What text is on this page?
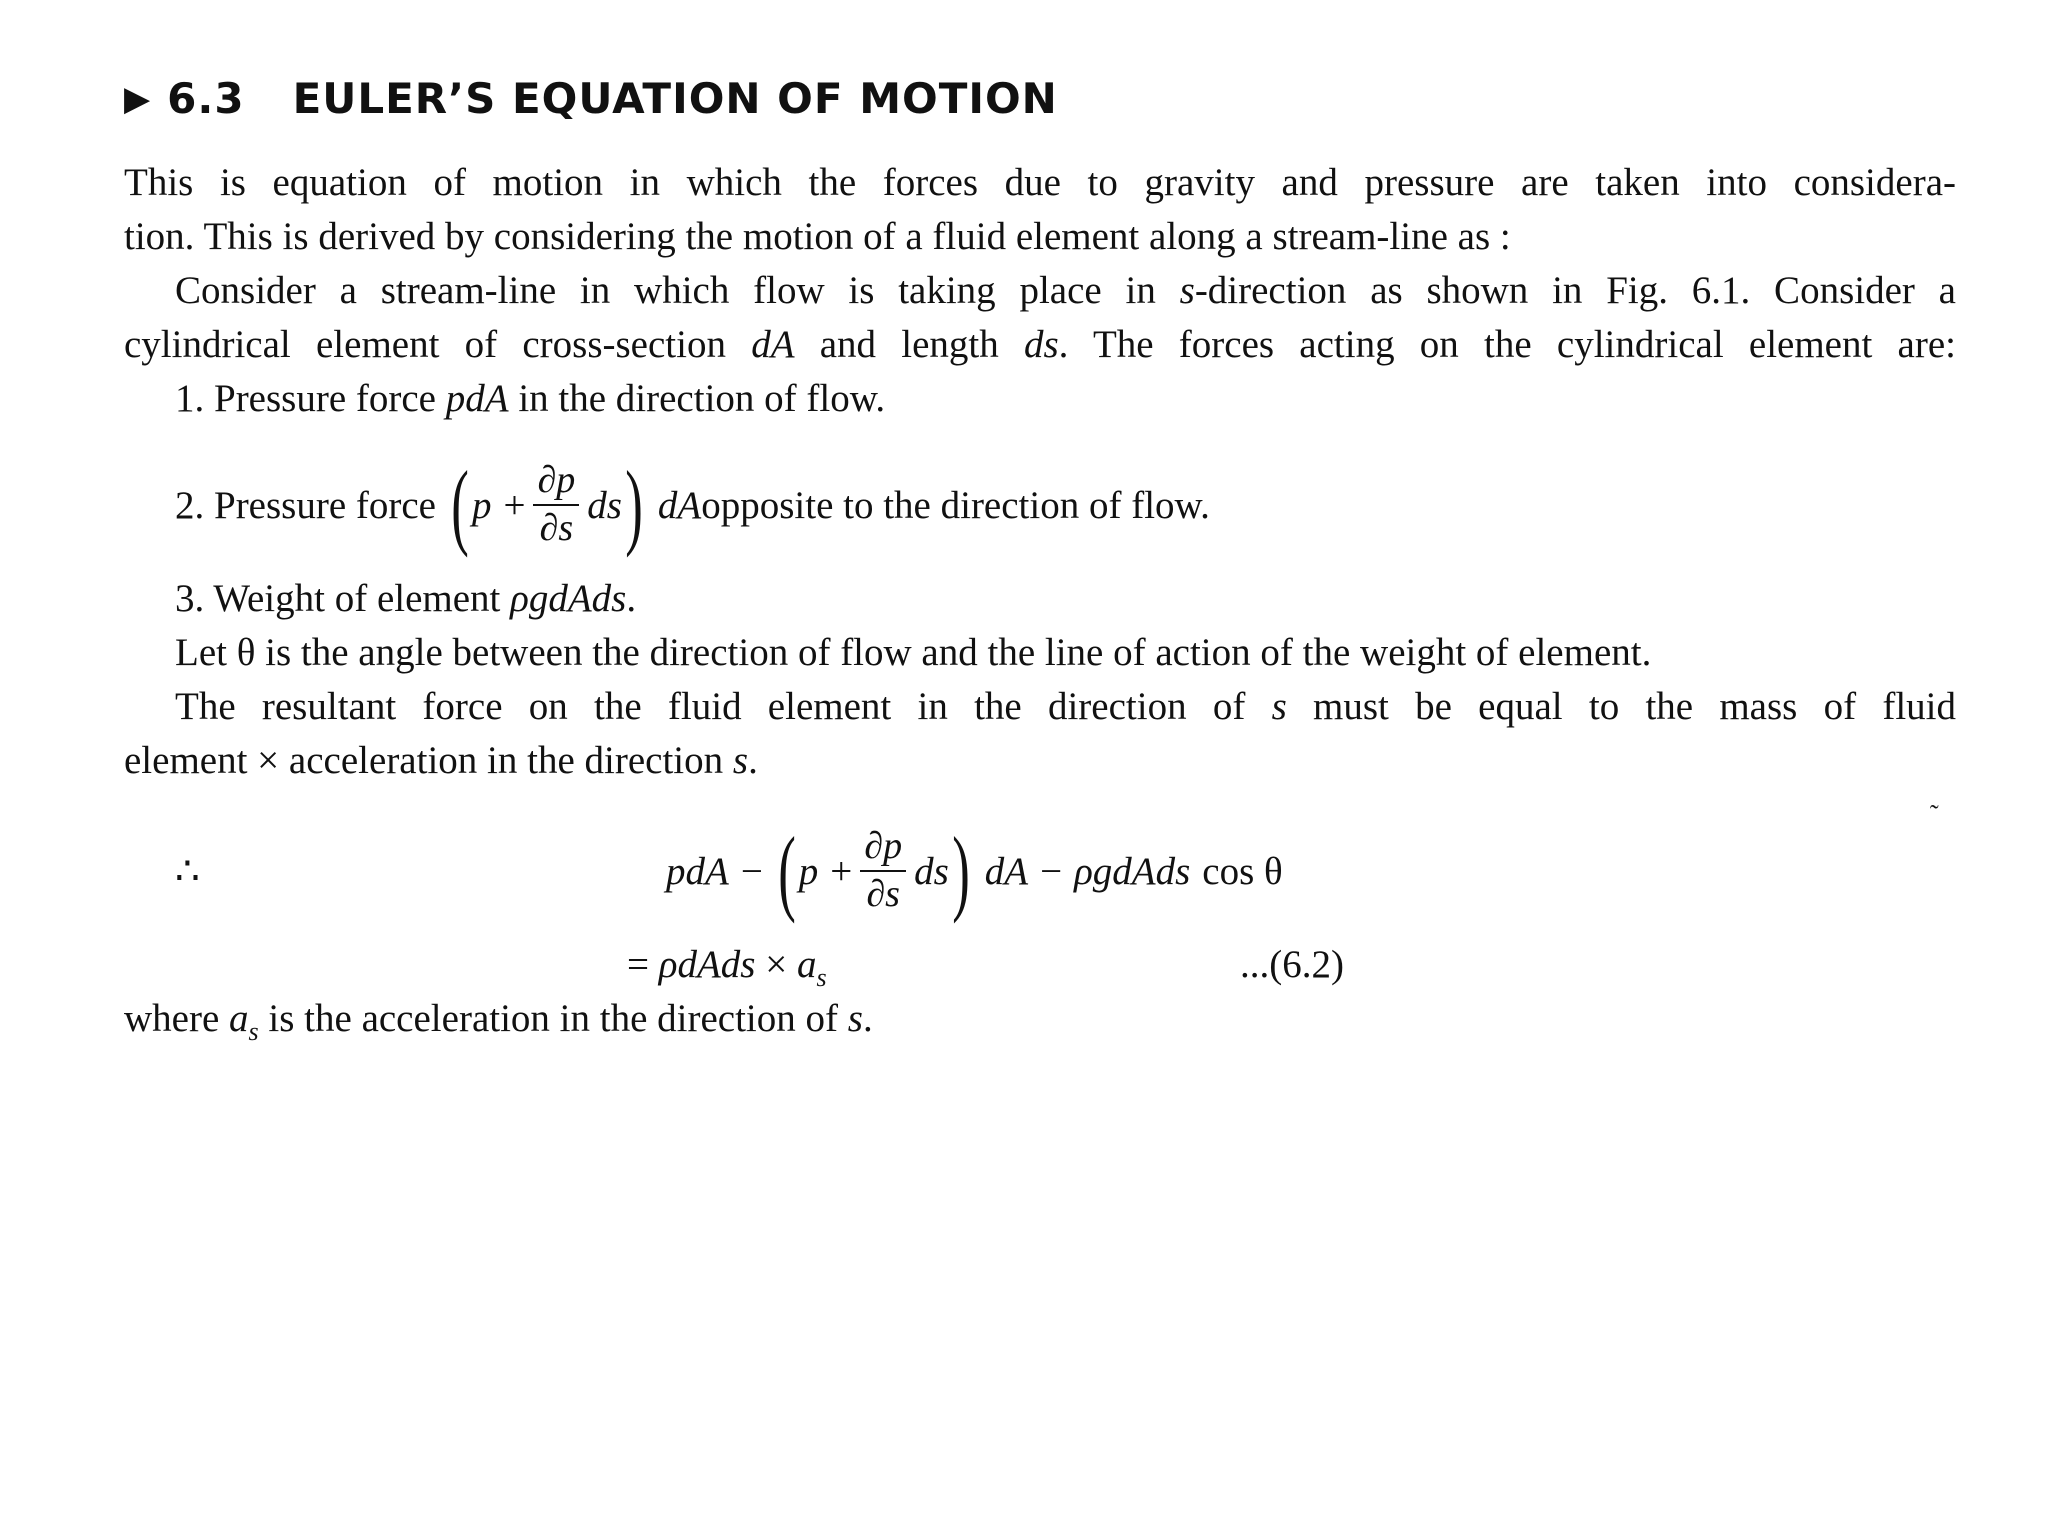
▶ 6.3 EULER’S EQUATION OF MOTION
This is equation of motion in which the forces due to gravity and pressure are taken into considera-
tion. This is derived by considering the motion of a fluid element along a stream-line as :
Consider a stream-line in which flow is taking place in s-direction as shown in Fig. 6.1. Consider a
cylindrical element of cross-section dA and length ds. The forces acting on the cylindrical element are:
1. Pressure force pdA in the direction of flow.
2. Pressure force ( $p + \frac{\partial p}{\partial s}$ ds ) dA opposite to the direction of flow.
3. Weight of element ρgdAds.
Let θ is the angle between the direction of flow and the line of action of the weight of element.
The resultant force on the fluid element in the direction of s must be equal to the mass of fluid
element × acceleration in the direction s.
˜
∴	pdA − ( $p + \frac{\partial p}{\partial s}$ ds ) dA − ρgdAds cos θ
= ρdAds × $a_s$	...(6.2)
where $a_s$ is the acceleration in the direction of s.
